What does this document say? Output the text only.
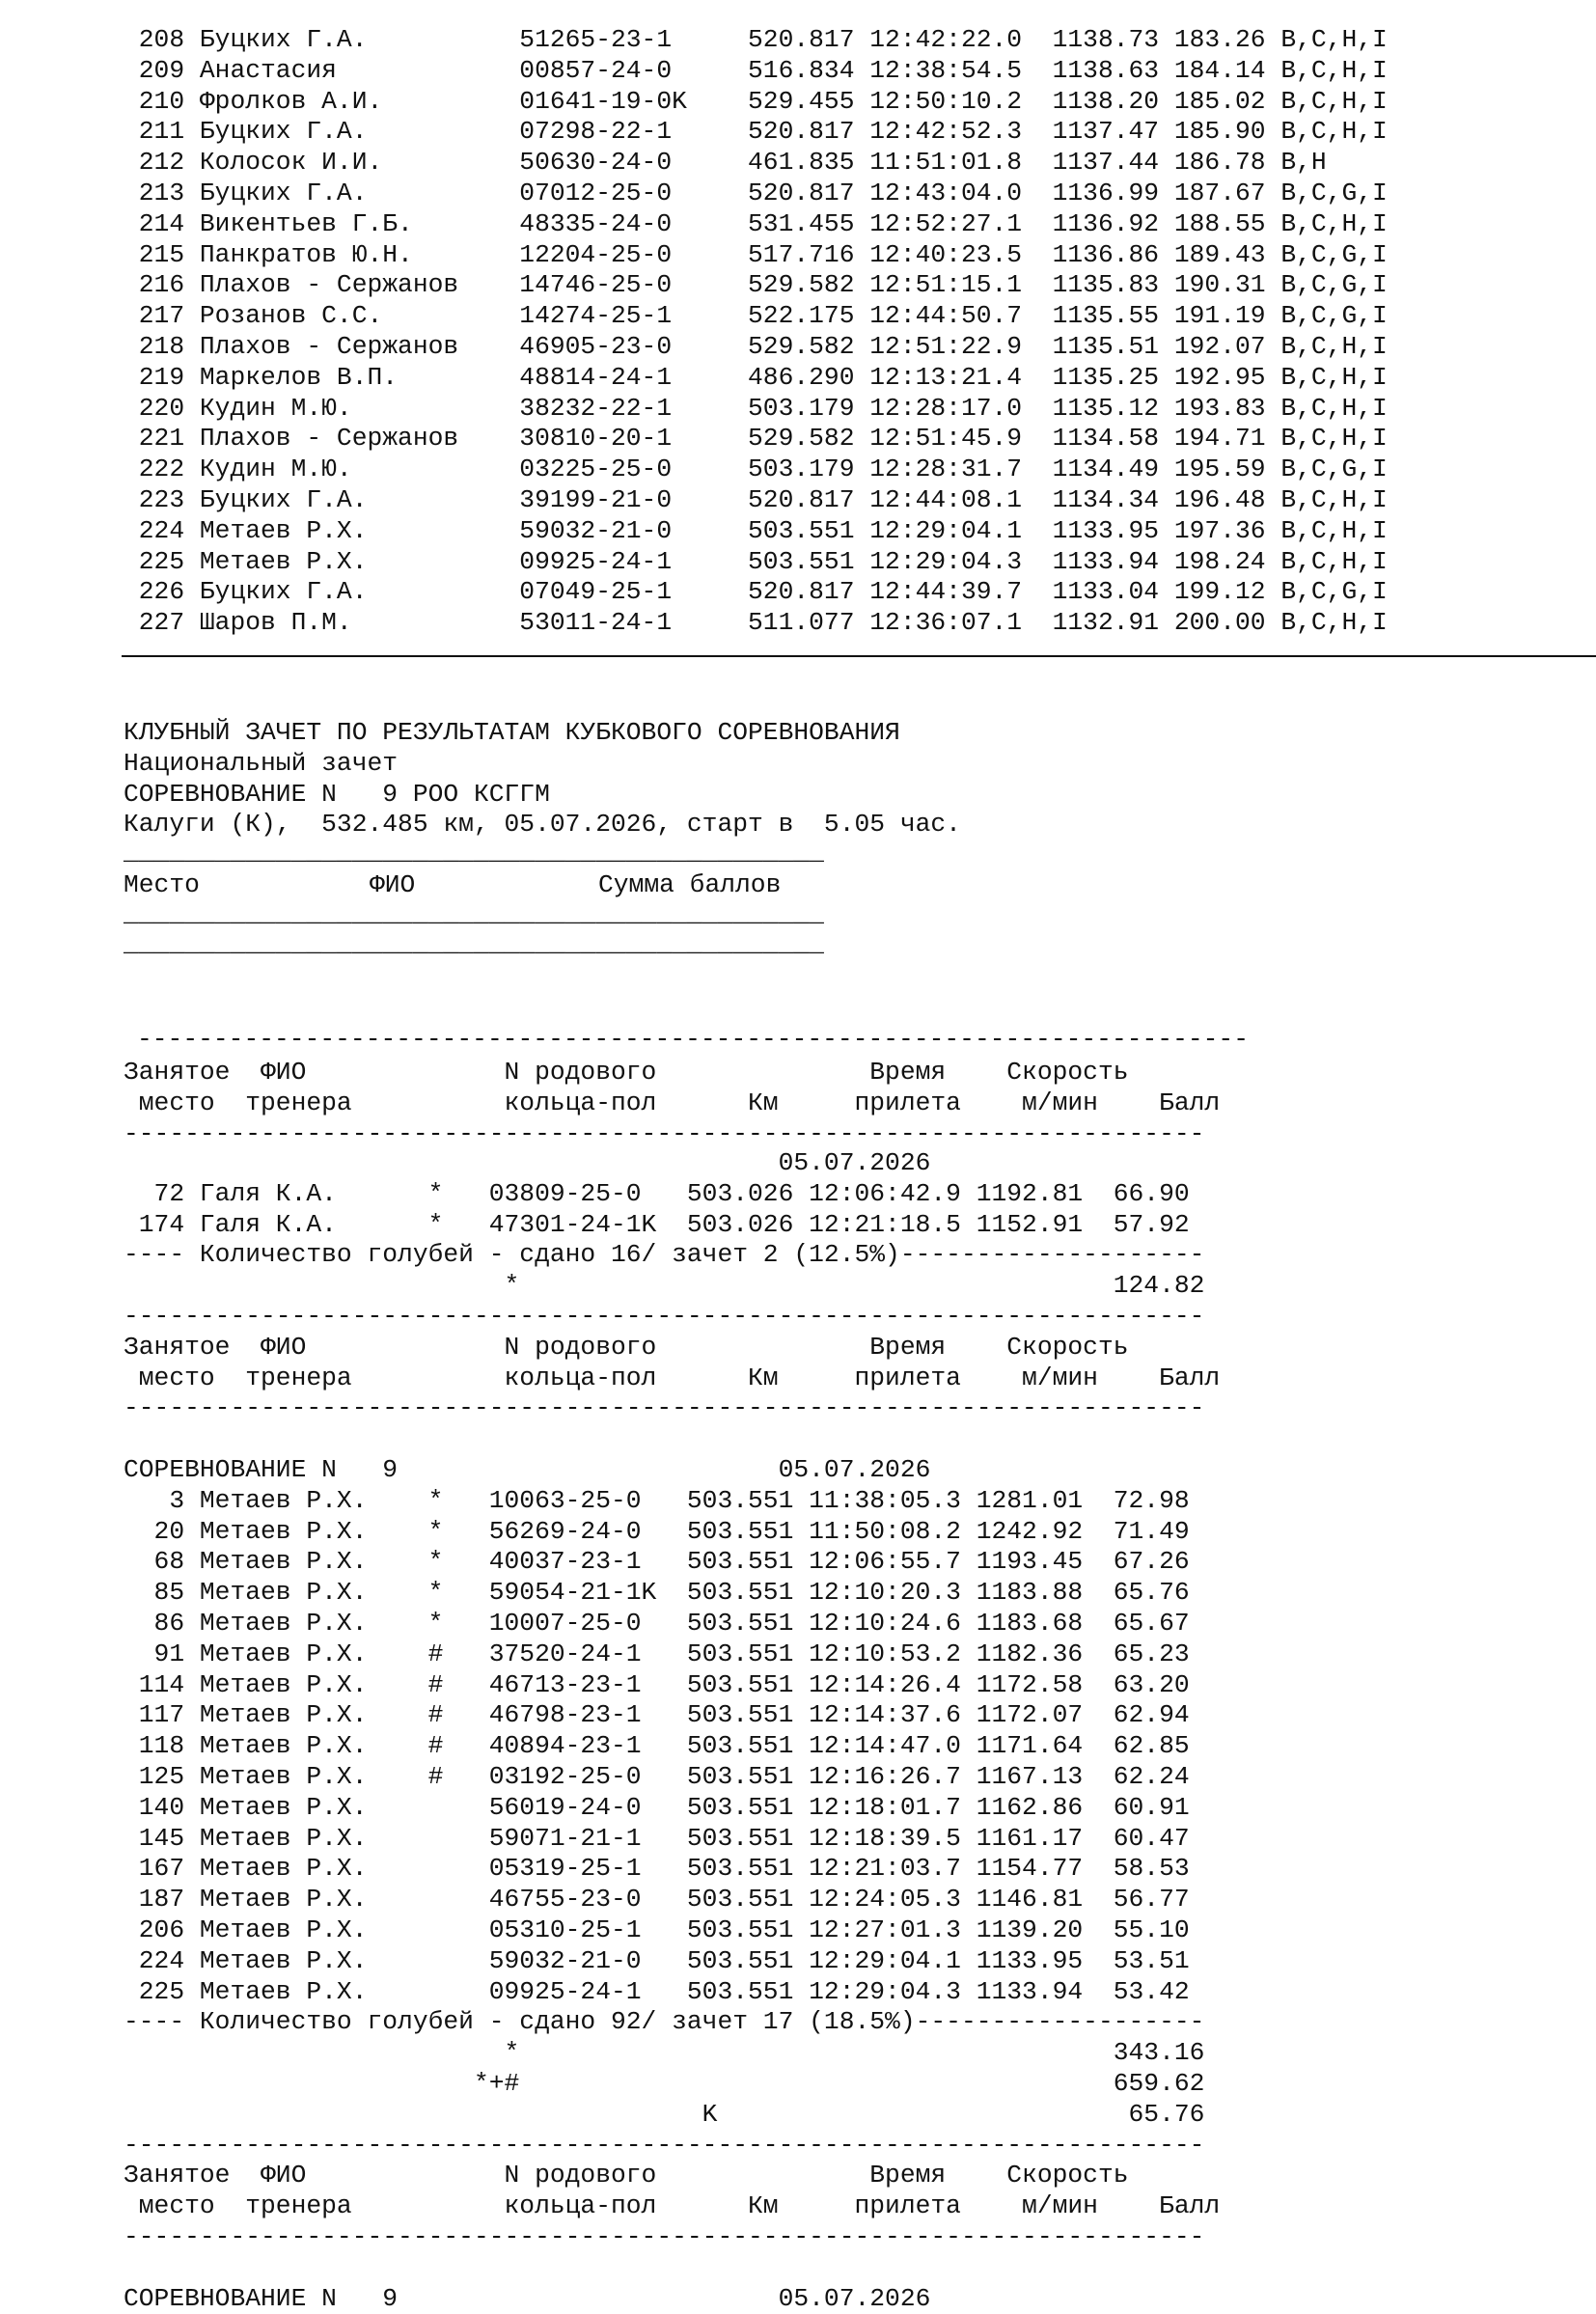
208 Буцких Г.А.          51265-23-1     520.817 12:42:22.0  1138.73 183.26 B,C,H,I
209 Анастасия            00857-24-0     516.834 12:38:54.5  1138.63 184.14 B,C,H,I
210 Фролков А.И.         01641-19-0K    529.455 12:50:10.2  1138.20 185.02 B,C,H,I
211 Буцких Г.А.          07298-22-1     520.817 12:42:52.3  1137.47 185.90 B,C,H,I
212 Колосок И.И.         50630-24-0     461.835 11:51:01.8  1137.44 186.78 B,H
213 Буцких Г.А.          07012-25-0     520.817 12:43:04.0  1136.99 187.67 B,C,G,I
214 Викентьев Г.Б.       48335-24-0     531.455 12:52:27.1  1136.92 188.55 B,C,H,I
215 Панкратов Ю.Н.       12204-25-0     517.716 12:40:23.5  1136.86 189.43 B,C,G,I
216 Плахов - Сержанов    14746-25-0     529.582 12:51:15.1  1135.83 190.31 B,C,G,I
217 Розанов С.С.         14274-25-1     522.175 12:44:50.7  1135.55 191.19 B,C,G,I
218 Плахов - Сержанов    46905-23-0     529.582 12:51:22.9  1135.51 192.07 B,C,H,I
219 Маркелов В.П.        48814-24-1     486.290 12:13:21.4  1135.25 192.95 B,C,H,I
220 Кудин М.Ю.           38232-22-1     503.179 12:28:17.0  1135.12 193.83 B,C,H,I
221 Плахов - Сержанов    30810-20-1     529.582 12:51:45.9  1134.58 194.71 B,C,H,I
222 Кудин М.Ю.           03225-25-0     503.179 12:28:31.7  1134.49 195.59 B,C,G,I
223 Буцких Г.А.          39199-21-0     520.817 12:44:08.1  1134.34 196.48 B,C,H,I
224 Метаев Р.Х.          59032-21-0     503.551 12:29:04.1  1133.95 197.36 B,C,H,I
225 Метаев Р.Х.          09925-24-1     503.551 12:29:04.3  1133.94 198.24 B,C,H,I
226 Буцких Г.А.          07049-25-1     520.817 12:44:39.7  1133.04 199.12 B,C,G,I
227 Шаров П.М.           53011-24-1     511.077 12:36:07.1  1132.91 200.00 B,C,H,I
КЛУБНЫЙ ЗАЧЕТ ПО РЕЗУЛЬТАТАМ КУБКОВОГО СОРЕВНОВАНИЯ
Национальный зачет
СОРЕВНОВАНИЕ N   9 РОО КСГГМ
Калуги (К),  532.485 км, 05.07.2026, старт в  5.05 час.
______________________________________________
Место	ФИО	Сумма баллов
______________________________________________
______________________________________________
-------------------------------------------------------------------------
Занятое  ФИО             N родового              Время    Скорость
место  тренера          кольца-пол      Км     прилета    м/мин    Балл
-----------------------------------------------------------------------
05.07.2026
72 Галя К.А.      *   03809-25-0   503.026 12:06:42.9 1192.81  66.90
174 Галя К.А.      *   47301-24-1K  503.026 12:21:18.5 1152.91  57.92
---- Количество голубей - сдано 16/ зачет 2 (12.5%)--------------------
*                                       124.82
-----------------------------------------------------------------------
Занятое  ФИО             N родового              Время    Скорость
место  тренера          кольца-пол      Км     прилета    м/мин    Балл
-----------------------------------------------------------------------
СОРЕВНОВАНИЕ N   9                         05.07.2026
3 Метаев Р.Х.    *   10063-25-0   503.551 11:38:05.3 1281.01  72.98
20 Метаев Р.Х.    *   56269-24-0   503.551 11:50:08.2 1242.92  71.49
68 Метаев Р.Х.    *   40037-23-1   503.551 12:06:55.7 1193.45  67.26
85 Метаев Р.Х.    *   59054-21-1K  503.551 12:10:20.3 1183.88  65.76
86 Метаев Р.Х.    *   10007-25-0   503.551 12:10:24.6 1183.68  65.67
91 Метаев Р.Х.    #   37520-24-1   503.551 12:10:53.2 1182.36  65.23
114 Метаев Р.Х.    #   46713-23-1   503.551 12:14:26.4 1172.58  63.20
117 Метаев Р.Х.    #   46798-23-1   503.551 12:14:37.6 1172.07  62.94
118 Метаев Р.Х.    #   40894-23-1   503.551 12:14:47.0 1171.64  62.85
125 Метаев Р.Х.    #   03192-25-0   503.551 12:16:26.7 1167.13  62.24
140 Метаев Р.Х.        56019-24-0   503.551 12:18:01.7 1162.86  60.91
145 Метаев Р.Х.        59071-21-1   503.551 12:18:39.5 1161.17  60.47
167 Метаев Р.Х.        05319-25-1   503.551 12:21:03.7 1154.77  58.53
187 Метаев Р.Х.        46755-23-0   503.551 12:24:05.3 1146.81  56.77
206 Метаев Р.Х.        05310-25-1   503.551 12:27:01.3 1139.20  55.10
224 Метаев Р.Х.        59032-21-0   503.551 12:29:04.1 1133.95  53.51
225 Метаев Р.Х.        09925-24-1   503.551 12:29:04.3 1133.94  53.42
---- Количество голубей - сдано 92/ зачет 17 (18.5%)-------------------
*                                       343.16
*+#                                       659.62
K                           65.76
-----------------------------------------------------------------------
Занятое  ФИО             N родового              Время    Скорость
место  тренера          кольца-пол      Км     прилета    м/мин    Балл
-----------------------------------------------------------------------
СОРЕВНОВАНИЕ N   9                         05.07.2026
